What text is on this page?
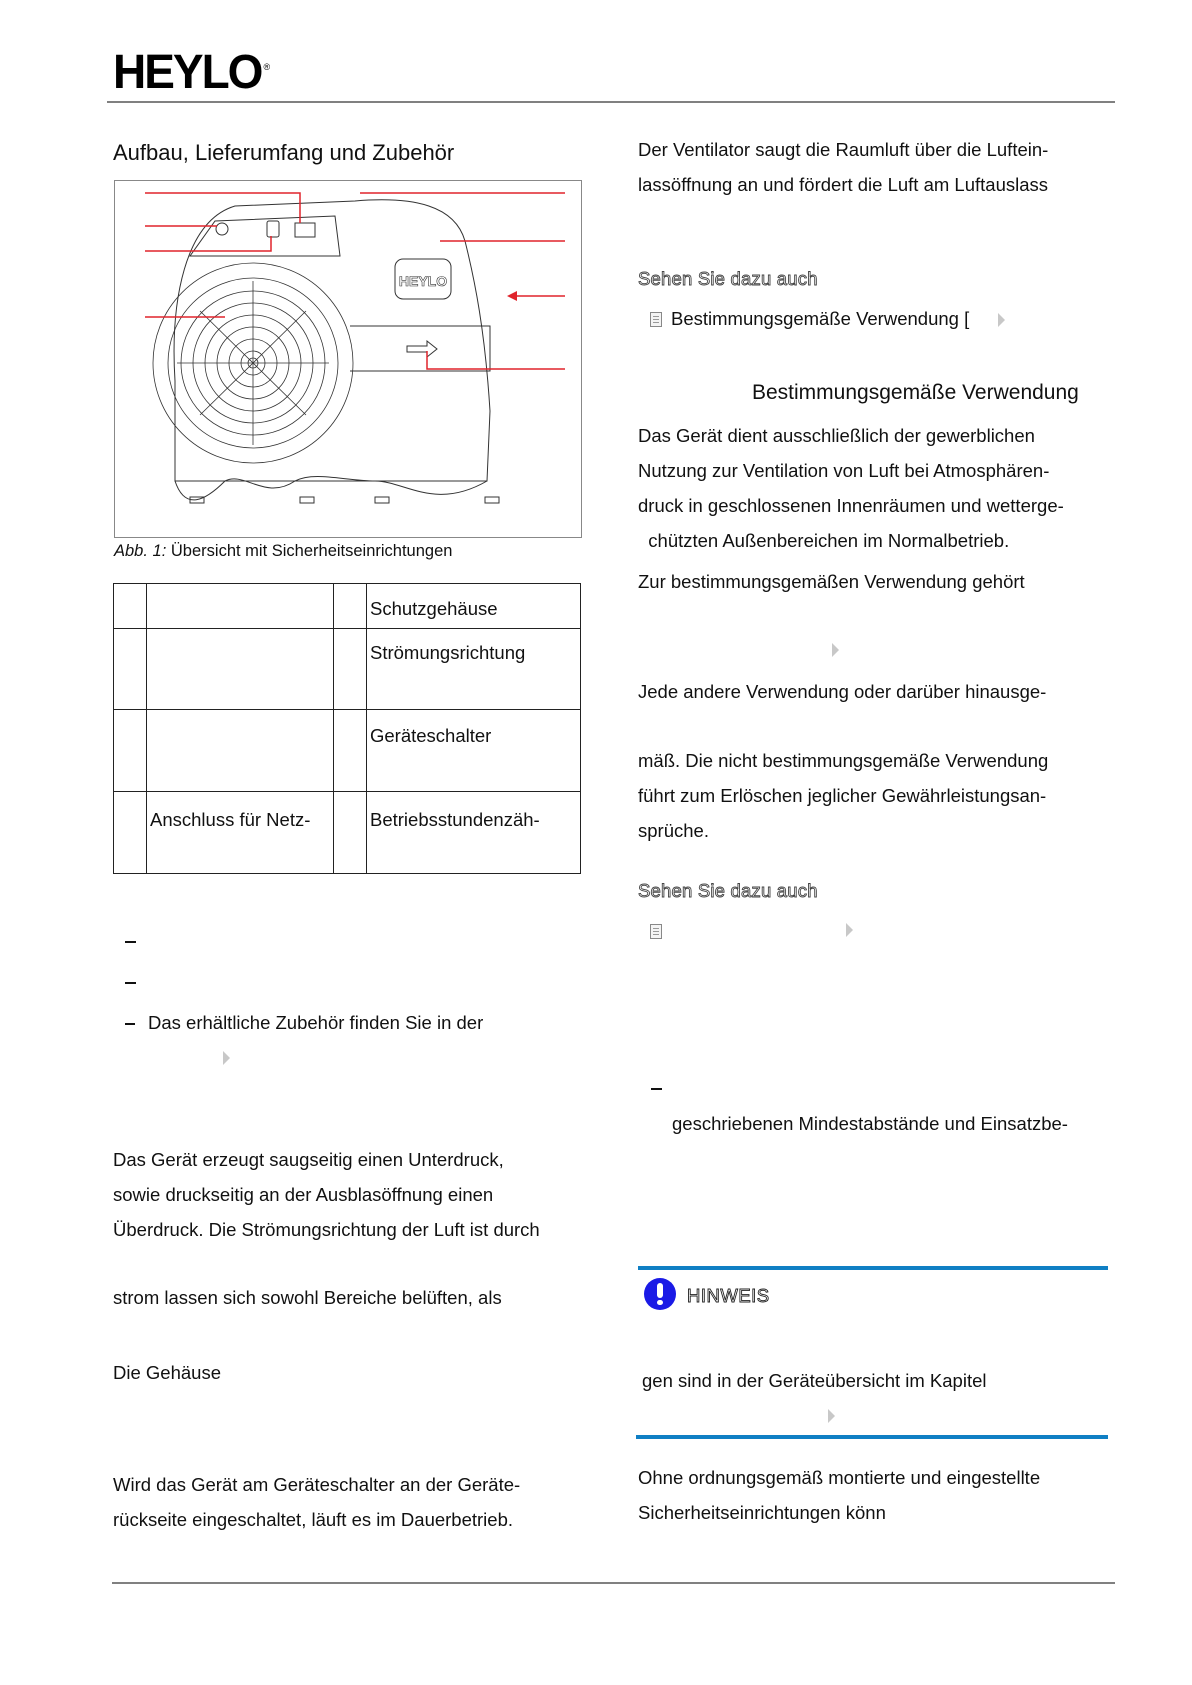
HEYLO ®
Aufbau, Lieferumfang und Zubehör
HEYLO
Abb. 1: Übersicht mit Sicherheitseinrichtungen
			Schutzgehäuse
			Strömungsrichtung
			Geräteschalter
	Anschluss für Netz-		Betriebsstundenzäh-
Das erhältliche Zubehör finden Sie in der
Das Gerät erzeugt saugseitig einen Unterdruck,
sowie druckseitig an der Ausblasöffnung einen
Überdruck. Die Strömungsrichtung der Luft ist durch
strom lassen sich sowohl Bereiche belüften, als
Die Gehäuse
Wird das Gerät am Geräteschalter an der Geräte-
rückseite eingeschaltet, läuft es im Dauerbetrieb.
Der Ventilator saugt die Raumluft über die Luftein-
lassöffnung an und fördert die Luft am Luftauslass
Sehen Sie dazu auch
Bestimmungsgemäße Verwendung [
Bestimmungsgemäße Verwendung
Das Gerät dient ausschließlich der gewerblichen
Nutzung zur Ventilation von Luft bei Atmosphären-
druck in geschlossenen Innenräumen und wetterge-
chützten Außenbereichen im Normalbetrieb.
Zur bestimmungsgemäßen Verwendung gehört
Jede andere Verwendung oder darüber hinausge-
mäß. Die nicht bestimmungsgemäße Verwendung
führt zum Erlöschen jeglicher Gewährleistungsan-
sprüche.
Sehen Sie dazu auch
geschriebenen Mindestabstände und Einsatzbe-
HINWEIS
gen sind in der Geräteübersicht im Kapitel
Ohne ordnungsgemäß montierte und eingestellte
Sicherheitseinrichtungen könn
